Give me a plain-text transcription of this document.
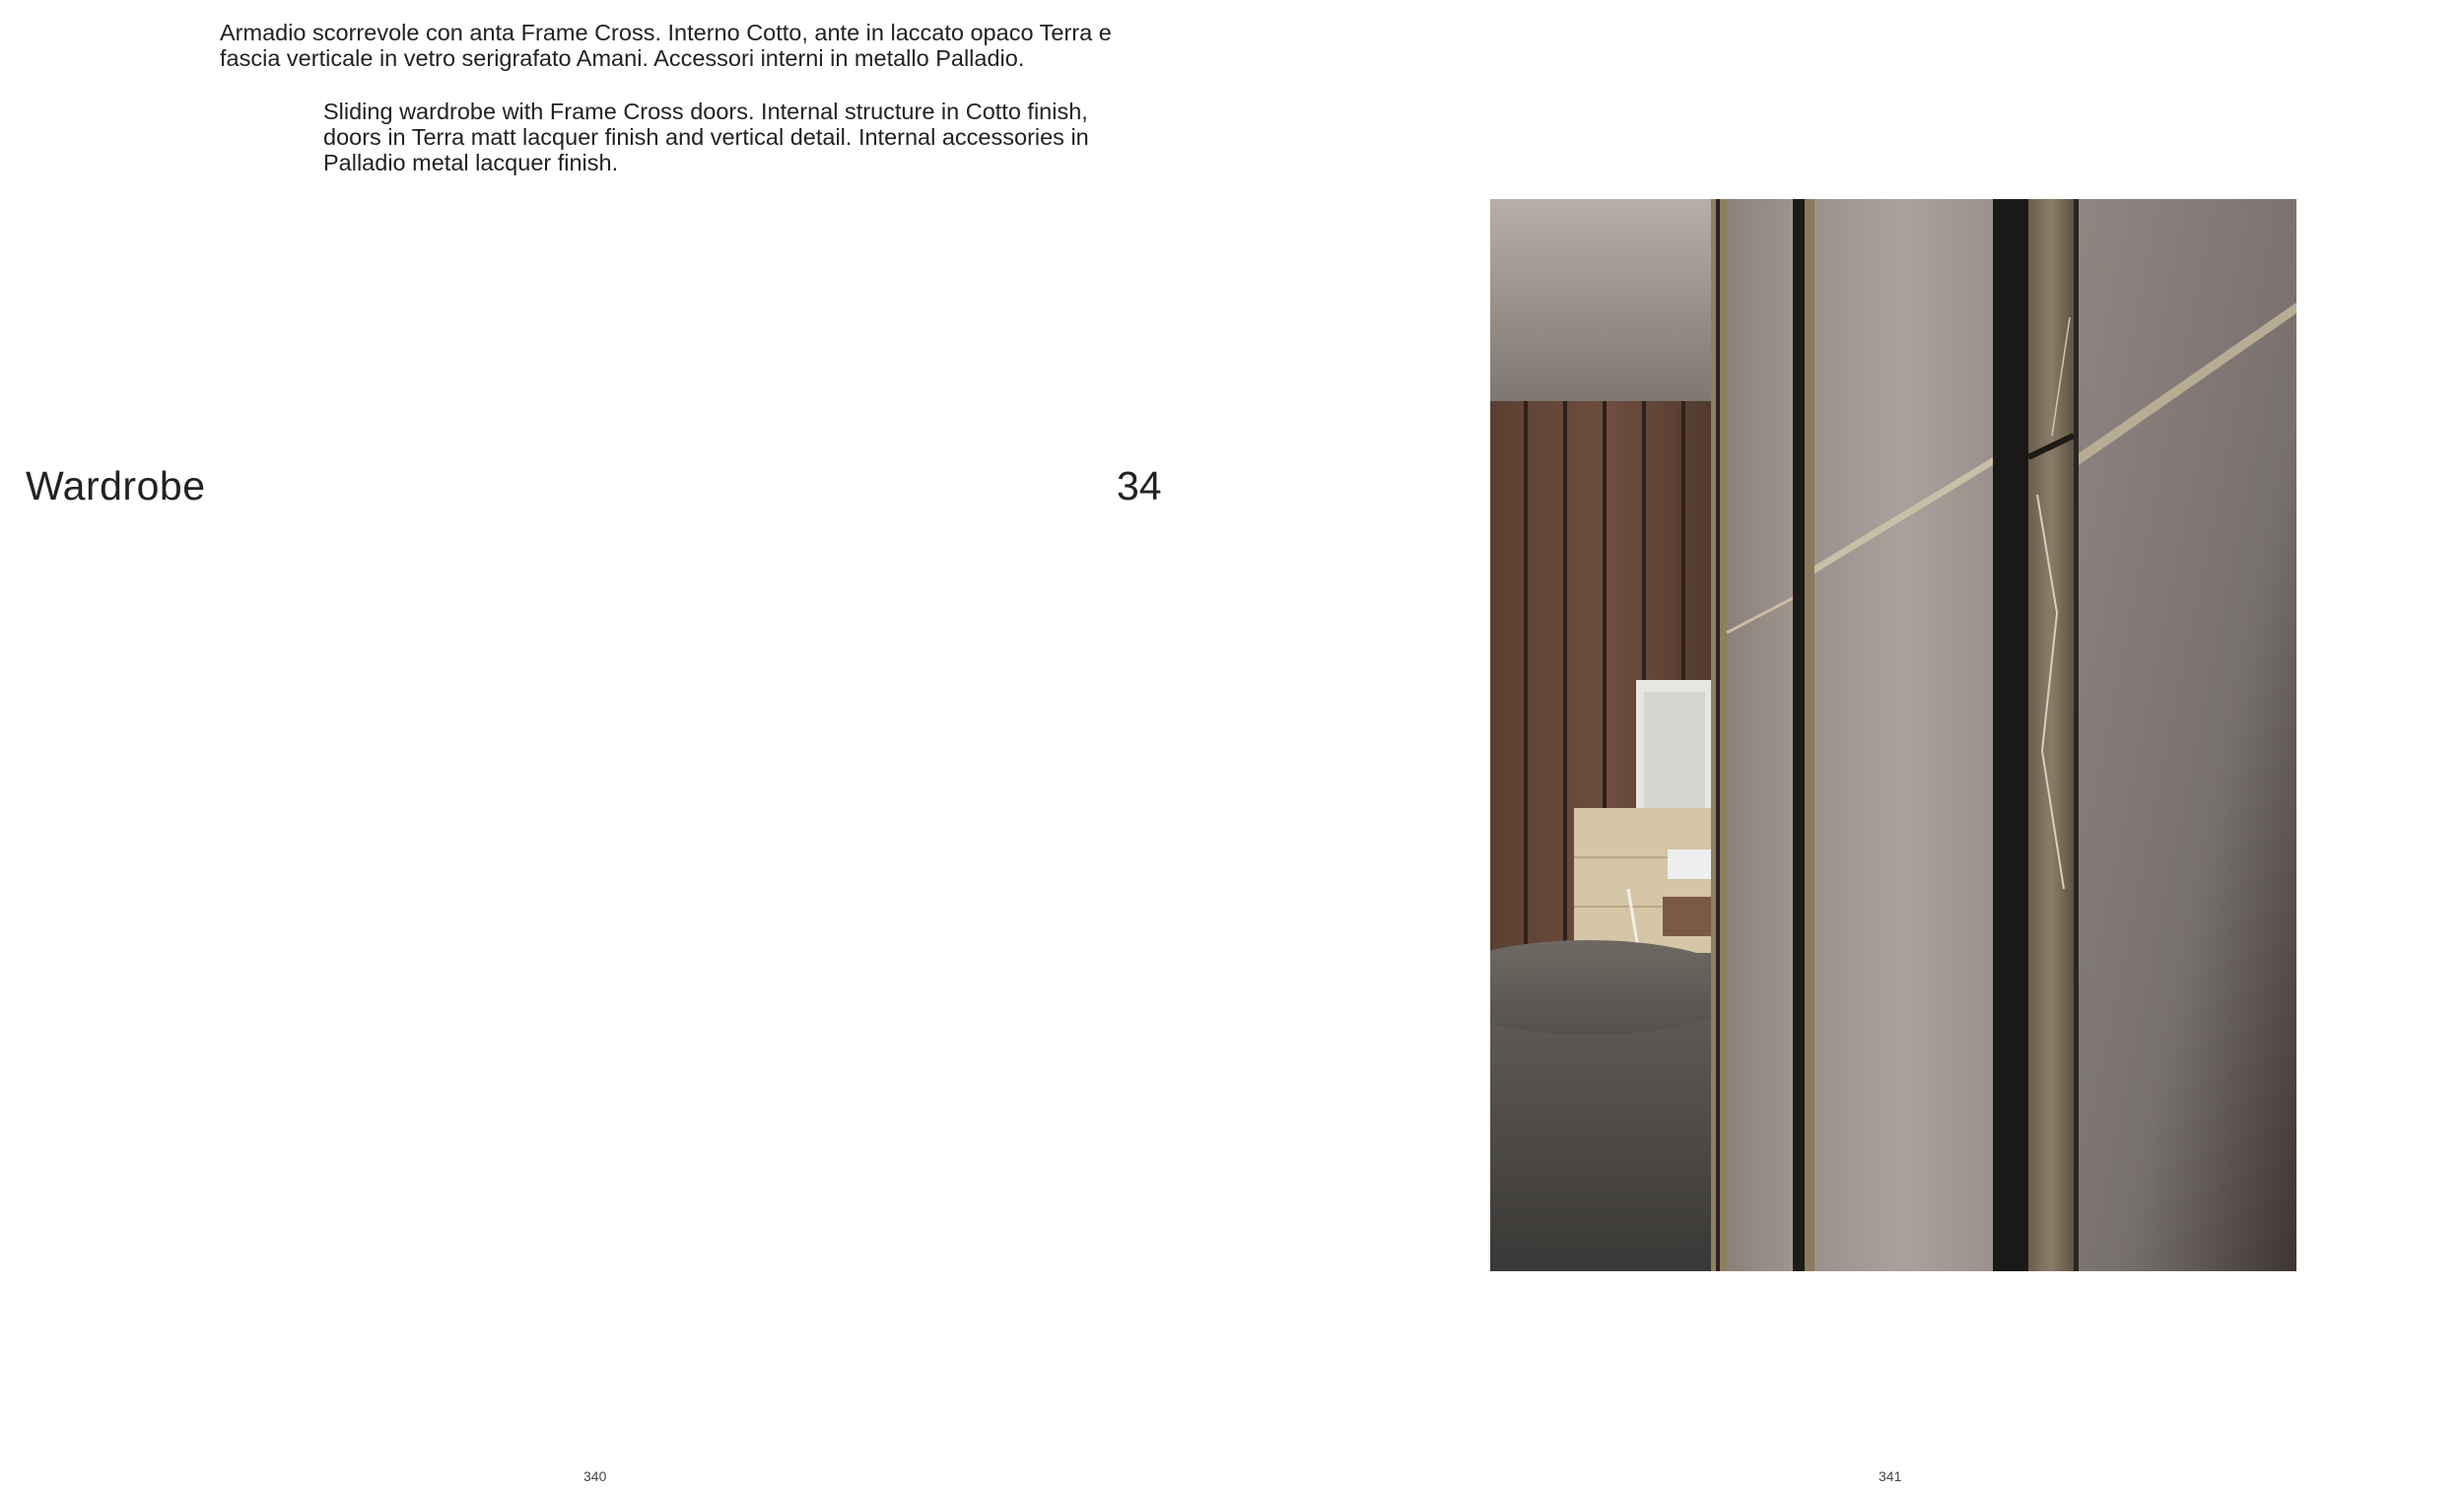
Armadio scorrevole con anta Frame Cross. Interno Cotto, ante in laccato opaco Terra e fascia verticale in vetro serigrafato Amani. Accessori interni in metallo Palladio.

Sliding wardrobe with Frame Cross doors. Internal structure in Cotto finish, doors in Terra matt lacquer finish and vertical detail. Internal accessories in Palladio metal lacquer finish.

Wardrobe	34
340	341
